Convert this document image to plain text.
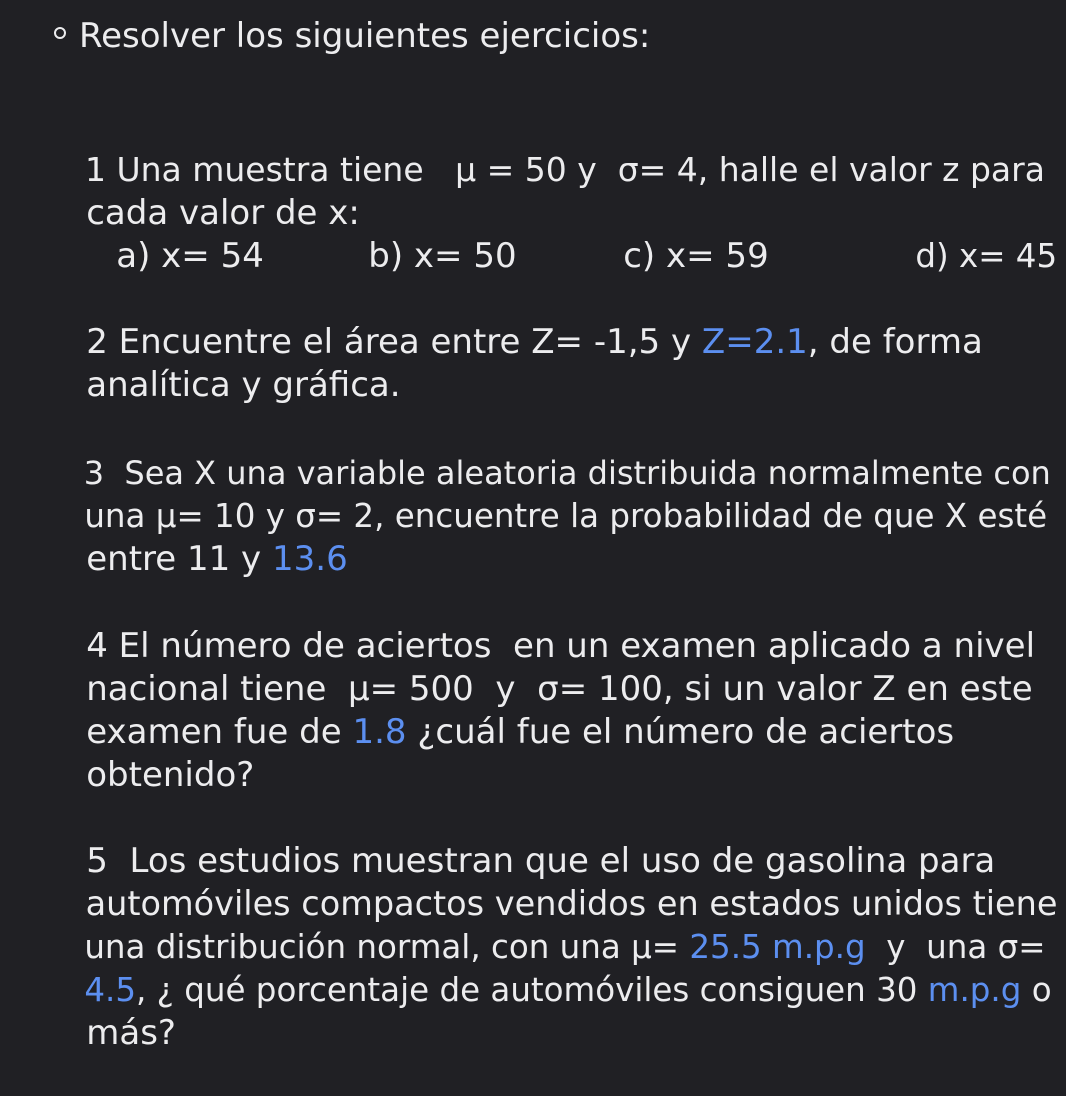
Resolver los siguientes ejercicios:

1 Una muestra tiene   μ = 50 y  σ= 4, halle el valor z para

cada valor de x:

a) x= 54
	b) x= 50
	c) x= 59
	d) x= 45

2 Encuentre el área entre Z= -1,5 y Z=2.1, de forma

analítica y gráfica.

3  Sea X una variable aleatoria distribuida normalmente con

una μ= 10 y σ= 2, encuentre la probabilidad de que X esté

entre 11 y 13.6

4 El número de aciertos  en un examen aplicado a nivel

nacional tiene  μ= 500  y  σ= 100, si un valor Z en este

examen fue de 1.8 ¿cuál fue el número de aciertos

obtenido?

5  Los estudios muestran que el uso de gasolina para

automóviles compactos vendidos en estados unidos tiene

una distribución normal, con una μ= 25.5 m.p.g  y  una σ=

4.5, ¿ qué porcentaje de automóviles consiguen 30 m.p.g o

más?
